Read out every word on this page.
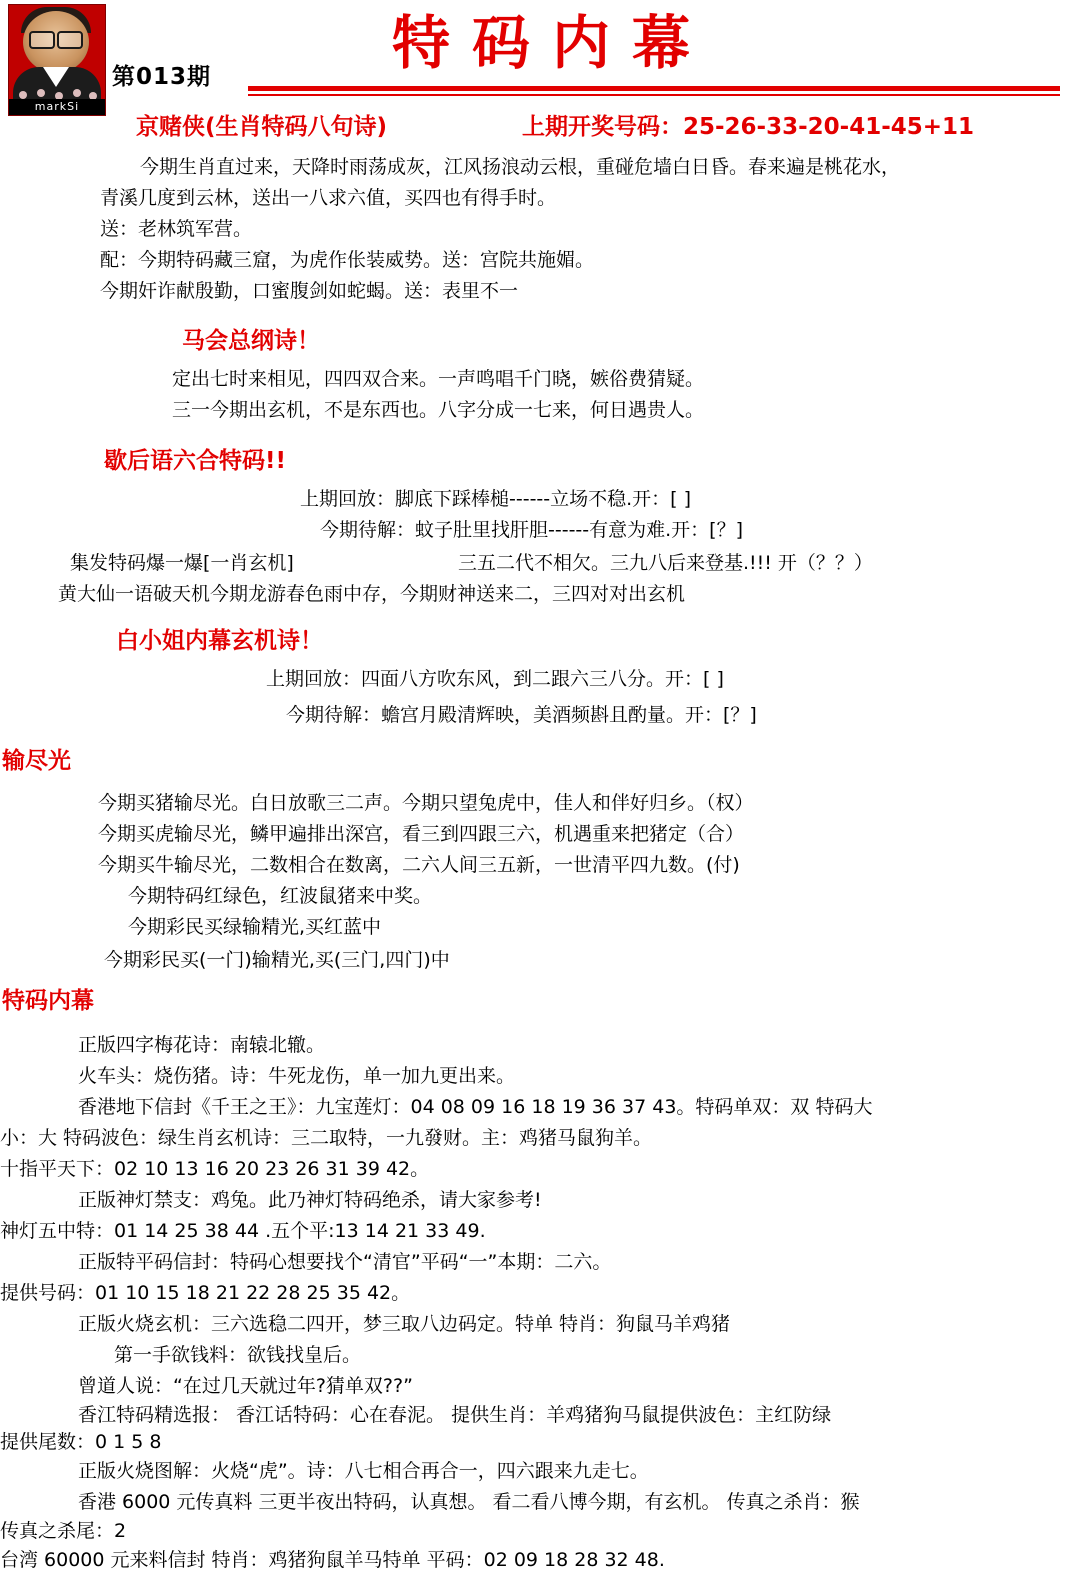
markSi
第013期	特码内幕
京赌侠(生肖特码八句诗)	上期开奖号码：25-26-33-20-41-45+11
今期生肖直过来，天降时雨荡成灰，江风扬浪动云根，重碰危墙白日昏。春来遍是桃花水，
青溪几度到云林，送出一八求六值，买四也有得手时。
送：老林筑军营。
配：今期特码藏三窟，为虎作伥装威势。送：宫院共施媚。
今期奸诈献殷勤，口蜜腹剑如蛇蝎。送：表里不一
马会总纲诗！
定出七时来相见，四四双合来。一声鸣唱千门晓，嫉俗费猜疑。
三一今期出玄机，不是东西也。八字分成一七来，何日遇贵人。
歇后语六合特码!!
上期回放：脚底下踩棒槌------立场不稳.开：[ ]
今期待解：蚊子肚里找肝胆------有意为难.开：[？]
集发特码爆一爆[一肖玄机]	三五二代不相欠。三九八后来登基.!!! 开（？？）
黄大仙一语破天机今期龙游春色雨中存，今期财神送来二，三四对对出玄机
白小姐内幕玄机诗！
上期回放：四面八方吹东风，到二跟六三八分。开：[ ]
今期待解：蟾宫月殿清辉映，美酒频斟且酌量。开：[？]
输尽光
今期买猪输尽光。白日放歌三二声。今期只望兔虎中，佳人和伴好归乡。（权）
今期买虎输尽光，鳞甲遍排出深宫，看三到四跟三六，机遇重来把猪定（合）
今期买牛输尽光，二数相合在数离，二六人间三五新，一世清平四九数。(付)
今期特码红绿色，红波鼠猪来中奖。
今期彩民买绿输精光,买红蓝中
今期彩民买(一门)输精光,买(三门,四门)中
特码内幕
正版四字梅花诗：南辕北辙。
火车头：烧伤猪。诗：牛死龙伤，单一加九更出来。
香港地下信封《千王之王》：九宝莲灯：04 08 09 16 18 19 36 37 43。特码单双：双 特码大
小：大 特码波色：绿生肖玄机诗：三二取特，一九發财。主：鸡猪马鼠狗羊。
十指平天下：02 10 13 16 20 23 26 31 39 42。
正版神灯禁支：鸡兔。此乃神灯特码绝杀，请大家参考!
神灯五中特：01 14 25 38 44 .五个平:13 14 21 33 49.
正版特平码信封：特码心想要找个“清官”平码“一”本期：二六。
提供号码：01 10 15 18 21 22 28 25 35 42。
正版火烧玄机：三六选稳二四开，梦三取八边码定。特单 特肖：狗鼠马羊鸡猪
第一手欲钱料：欲钱找皇后。
曾道人说：“在过几天就过年?猜单双??”
香江特码精选报： 香江话特码：心在春泥。 提供生肖：羊鸡猪狗马鼠提供波色：主红防绿
提供尾数：0 1 5 8
正版火烧图解：火烧“虎”。诗：八七相合再合一，四六跟来九走七。
香港 6000 元传真料 三更半夜出特码，认真想。 看二看八博今期，有玄机。 传真之杀肖：猴
传真之杀尾：2
台湾 60000 元来料信封 特肖：鸡猪狗鼠羊马特单 平码：02 09 18 28 32 48.
